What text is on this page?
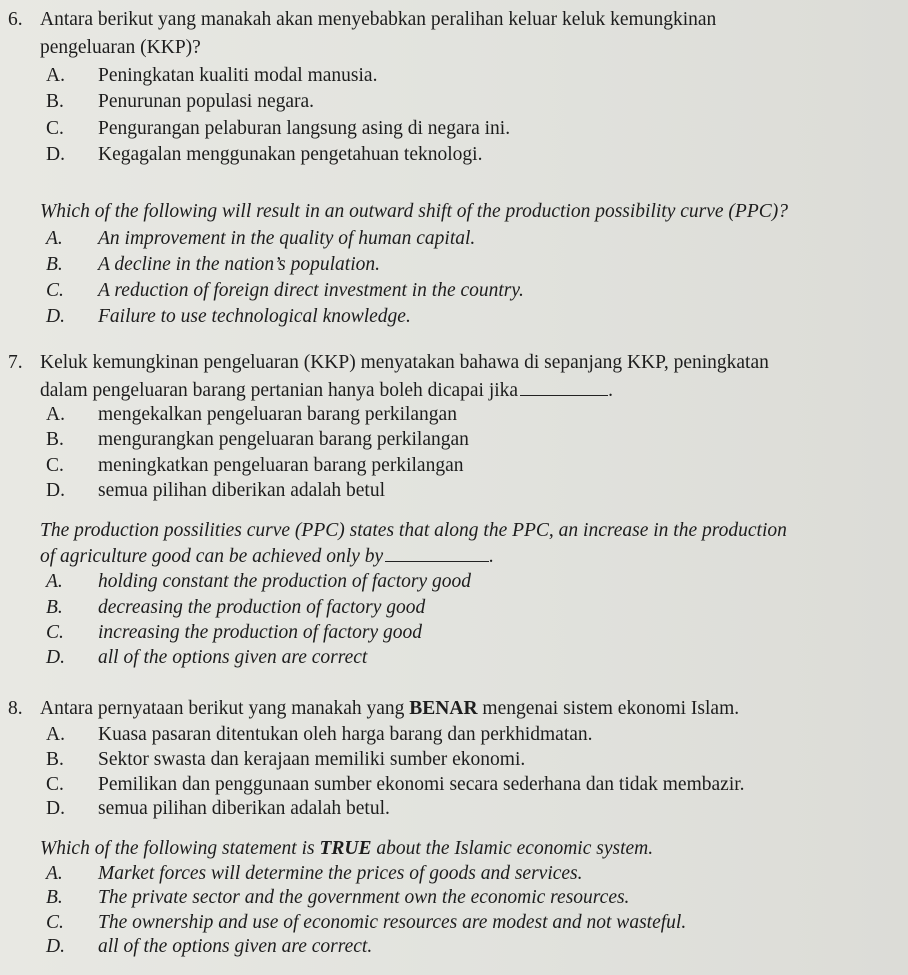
6. Antara berikut yang manakah akan menyebabkan peralihan keluar keluk kemungkinan
pengeluaran (KKP)?
A. Peningkatan kualiti modal manusia.
B. Penurunan populasi negara.
C. Pengurangan pelaburan langsung asing di negara ini.
D. Kegagalan menggunakan pengetahuan teknologi.
Which of the following will result in an outward shift of the production possibility curve (PPC)?
A. An improvement in the quality of human capital.
B. A decline in the nation’s population.
C. A reduction of foreign direct investment in the country.
D. Failure to use technological knowledge.
7. Keluk kemungkinan pengeluaran (KKP) menyatakan bahawa di sepanjang KKP, peningkatan
dalam pengeluaran barang pertanian hanya boleh dicapai jika	.
A. mengekalkan pengeluaran barang perkilangan
B. mengurangkan pengeluaran barang perkilangan
C. meningkatkan pengeluaran barang perkilangan
D. semua pilihan diberikan adalah betul
The production possilities curve (PPC) states that along the PPC, an increase in the production
of agriculture good can be achieved only by	.
A. holding constant the production of factory good
B. decreasing the production of factory good
C. increasing the production of factory good
D. all of the options given are correct
8. Antara pernyataan berikut yang manakah yang BENAR mengenai sistem ekonomi Islam.
A. Kuasa pasaran ditentukan oleh harga barang dan perkhidmatan.
B. Sektor swasta dan kerajaan memiliki sumber ekonomi.
C. Pemilikan dan penggunaan sumber ekonomi secara sederhana dan tidak membazir.
D. semua pilihan diberikan adalah betul.
Which of the following statement is TRUE about the Islamic economic system.
A. Market forces will determine the prices of goods and services.
B. The private sector and the government own the economic resources.
C. The ownership and use of economic resources are modest and not wasteful.
D. all of the options given are correct.
